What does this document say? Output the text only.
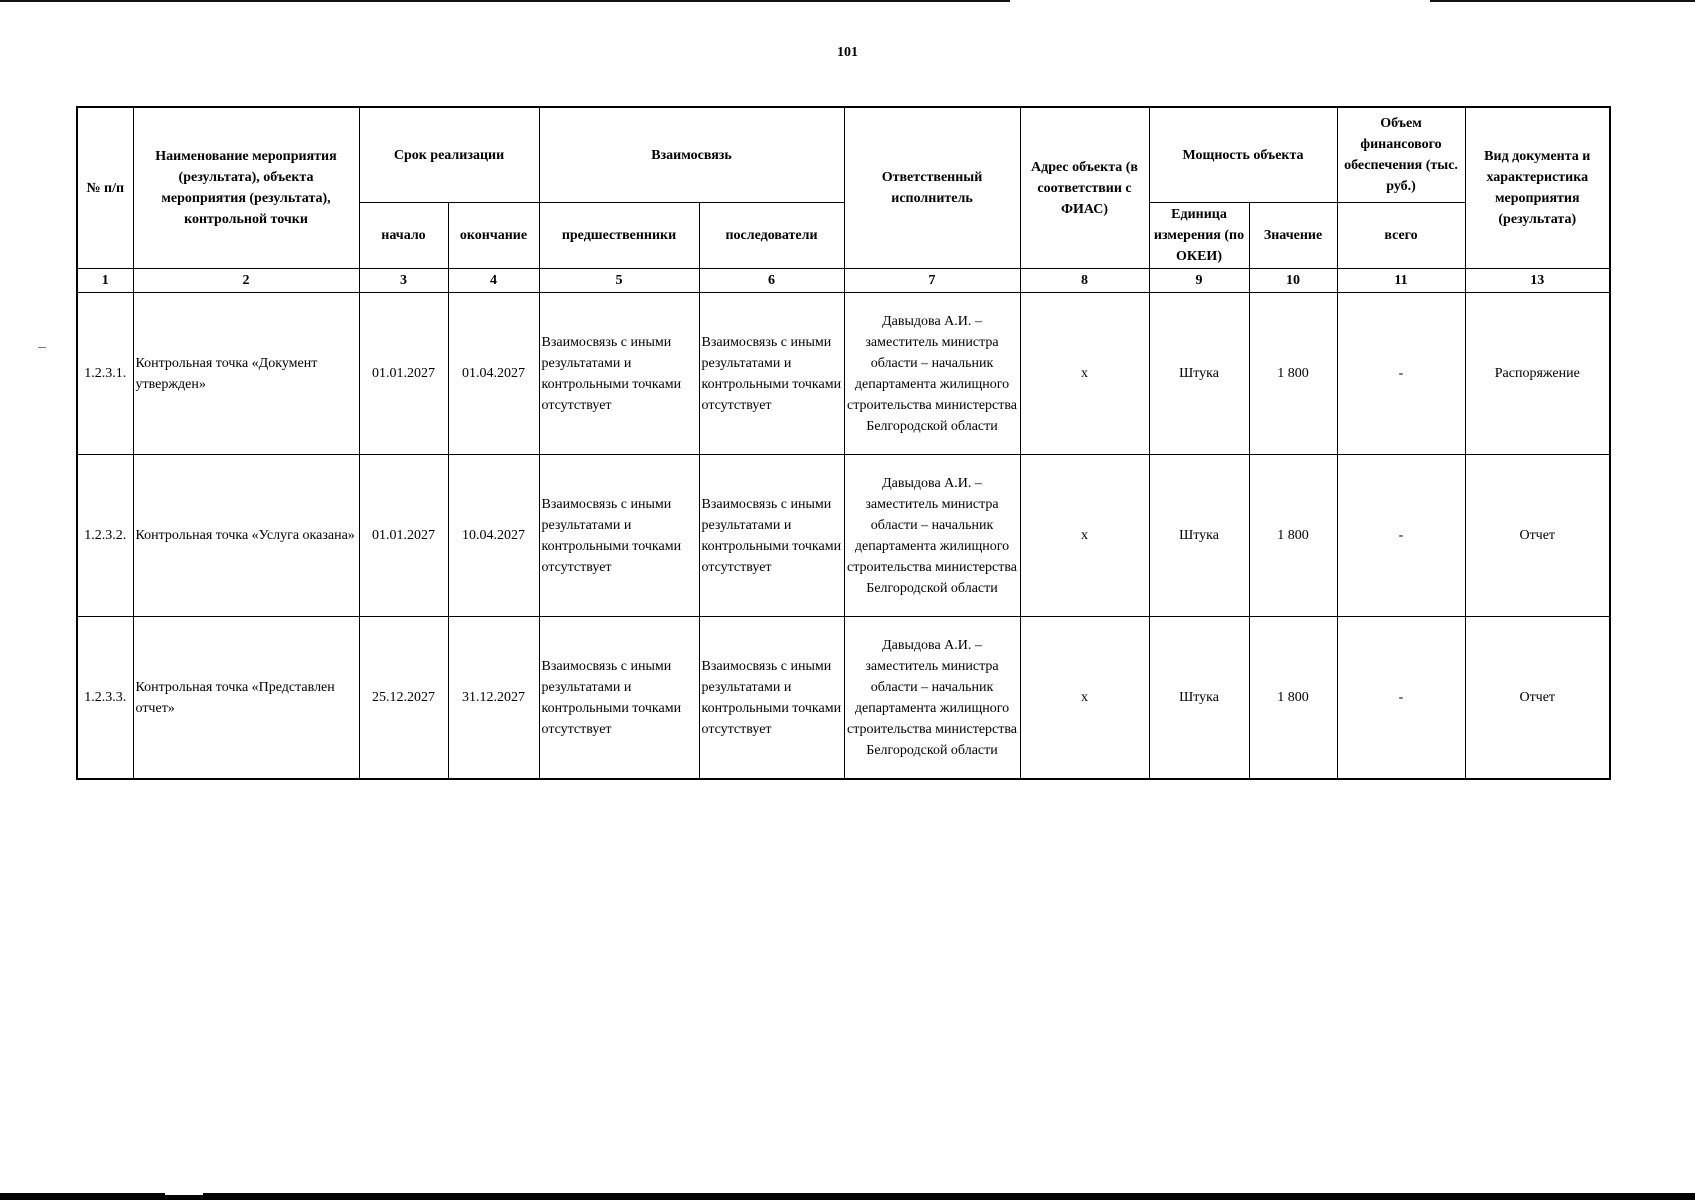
101
№ п/п	Наименование мероприятия (результата), объекта мероприятия (результата), контрольной точки	Срок реализации		Взаимосвязь		Ответственный исполнитель	Адрес объекта (в соответствии с ФИАС)	Мощность объекта		Объем финансового обеспечения (тыс. руб.)	Вид документа и характеристика мероприятия (результата)
		начало	окончание	предшественники	последователи			Единица измерения (по ОКЕИ)	Значение	всего	
1	2	3	4	5	6	7	8	9	10	11	13
1.2.3.1.	Контрольная точка «Документ утвержден»	01.01.2027	01.04.2027	Взаимосвязь с иными результатами и контрольными точками отсутствует	Взаимосвязь с иными результатами и контрольными точками отсутствует	Давыдова А.И. – заместитель министра области – начальник департамента жилищного строительства министерства Белгородской области	х	Штука	1 800	-	Распоряжение
1.2.3.2.	Контрольная точка «Услуга оказана»	01.01.2027	10.04.2027	Взаимосвязь с иными результатами и контрольными точками отсутствует	Взаимосвязь с иными результатами и контрольными точками отсутствует	Давыдова А.И. – заместитель министра области – начальник департамента жилищного строительства министерства Белгородской области	х	Штука	1 800	-	Отчет
1.2.3.3.	Контрольная точка «Представлен отчет»	25.12.2027	31.12.2027	Взаимосвязь с иными результатами и контрольными точками отсутствует	Взаимосвязь с иными результатами и контрольными точками отсутствует	Давыдова А.И. – заместитель министра области – начальник департамента жилищного строительства министерства Белгородской области	х	Штука	1 800	-	Отчет
